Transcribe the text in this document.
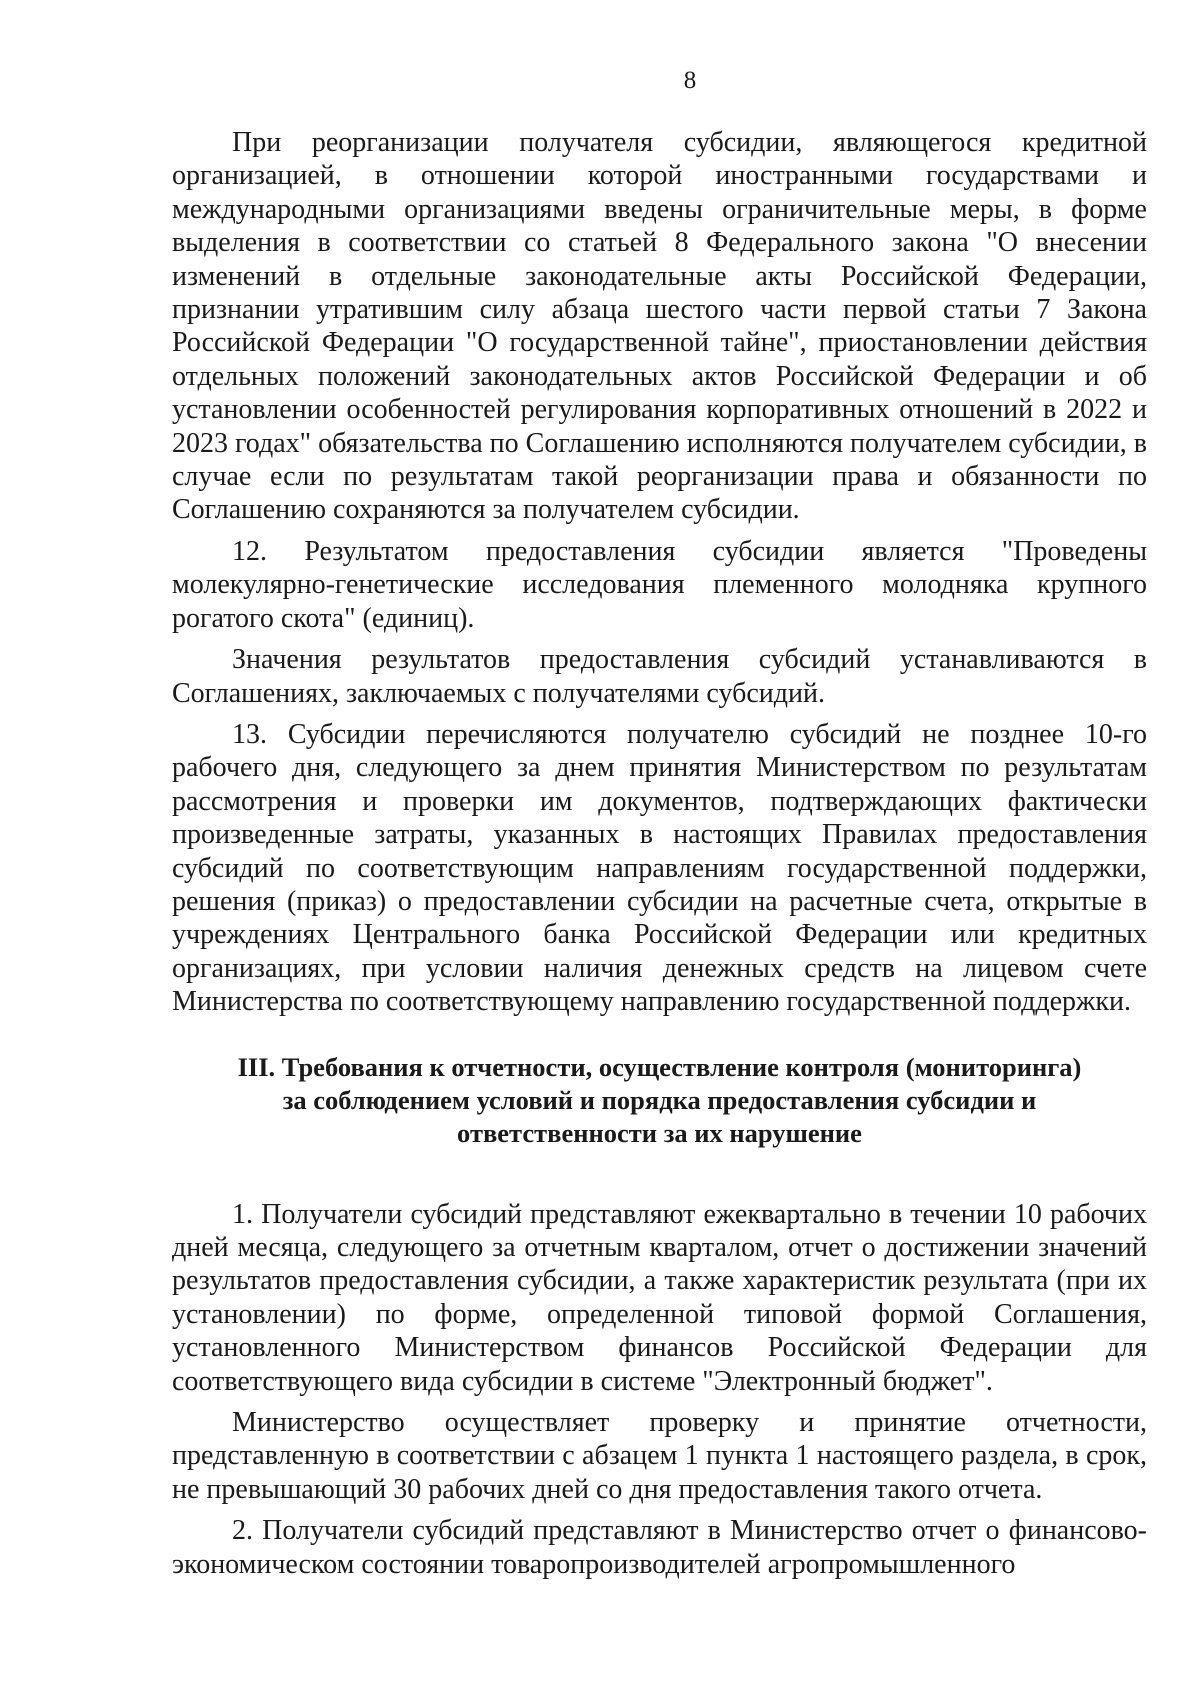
8

При реорганизации получателя субсидии, являющегося кредитной организацией, в отношении которой иностранными государствами и международными организациями введены ограничительные меры, в форме выделения в соответствии со статьей 8 Федерального закона "О внесении изменений в отдельные законодательные акты Российской Федерации, признании утратившим силу абзаца шестого части первой статьи 7 Закона Российской Федерации "О государственной тайне", приостановлении действия отдельных положений законодательных актов Российской Федерации и об установлении особенностей регулирования корпоративных отношений в 2022 и 2023 годах" обязательства по Соглашению исполняются получателем субсидии, в случае если по результатам такой реорганизации права и обязанности по Соглашению сохраняются за получателем субсидии.

12. Результатом предоставления субсидии является "Проведены молекулярно-генетические исследования племенного молодняка крупного рогатого скота" (единиц).

Значения результатов предоставления субсидий устанавливаются в Соглашениях, заключаемых с получателями субсидий.

13. Субсидии перечисляются получателю субсидий не позднее 10-го рабочего дня, следующего за днем принятия Министерством по результатам рассмотрения и проверки им документов, подтверждающих фактически произведенные затраты, указанных в настоящих Правилах предоставления субсидий по соответствующим направлениям государственной поддержки, решения (приказ) о предоставлении субсидии на расчетные счета, открытые в учреждениях Центрального банка Российской Федерации или кредитных организациях, при условии наличия денежных средств на лицевом счете Министерства по соответствующему направлению государственной поддержки.

III. Требования к отчетности, осуществление контроля (мониторинга)

за соблюдением условий и порядка предоставления субсидии и

ответственности за их нарушение

1. Получатели субсидий представляют ежеквартально в течении 10 рабочих дней месяца, следующего за отчетным кварталом, отчет о достижении значений результатов предоставления субсидии, а также характеристик результата (при их установлении) по форме, определенной типовой формой Соглашения, установленного Министерством финансов Российской Федерации для соответствующего вида субсидии в системе "Электронный бюджет".

Министерство осуществляет проверку и принятие отчетности, представленную в соответствии с абзацем 1 пункта 1 настоящего раздела, в срок, не превышающий 30 рабочих дней со дня предоставления такого отчета.

2. Получатели субсидий представляют в Министерство отчет о финансово-экономическом состоянии товаропроизводителей агропромышленного
